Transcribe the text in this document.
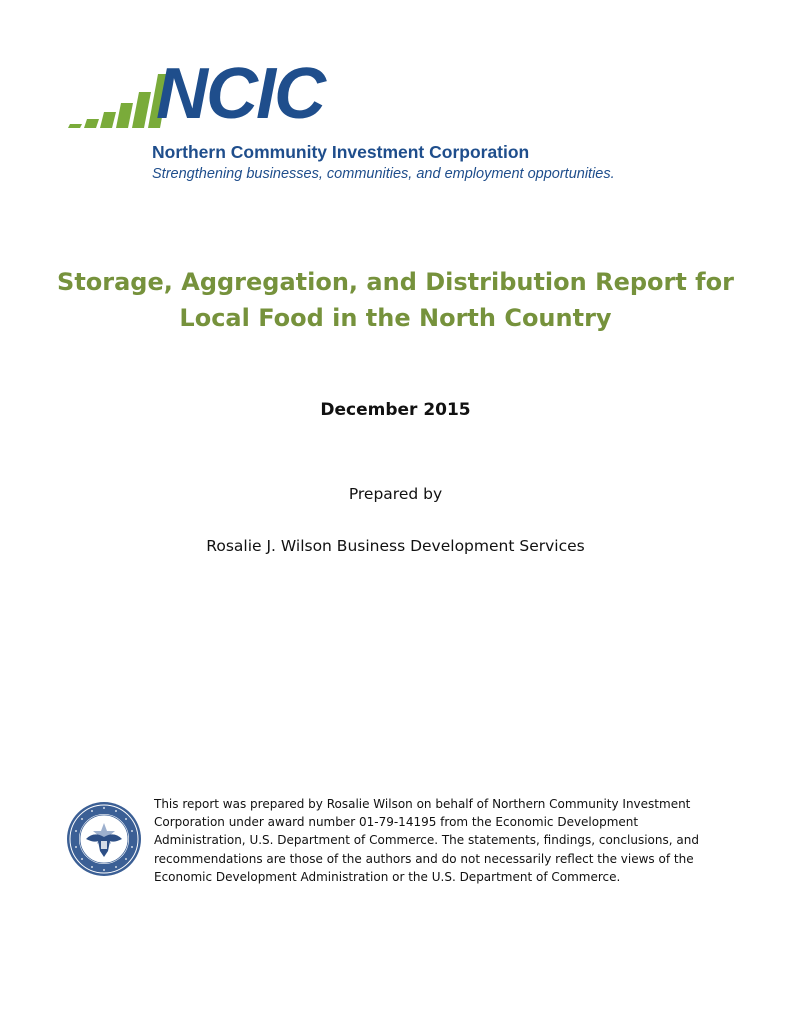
NCIC
Northern Community Investment Corporation
Strengthening businesses, communities, and employment opportunities.
Storage, Aggregation, and Distribution Report for
Local Food in the North Country
December 2015
Prepared by
Rosalie J. Wilson Business Development Services
This report was prepared by Rosalie Wilson on behalf of Northern Community Investment
Corporation under award number 01-79-14195 from the Economic Development
Administration, U.S. Department of Commerce. The statements, findings, conclusions, and
recommendations are those of the authors and do not necessarily reflect the views of the
Economic Development Administration or the U.S. Department of Commerce.
